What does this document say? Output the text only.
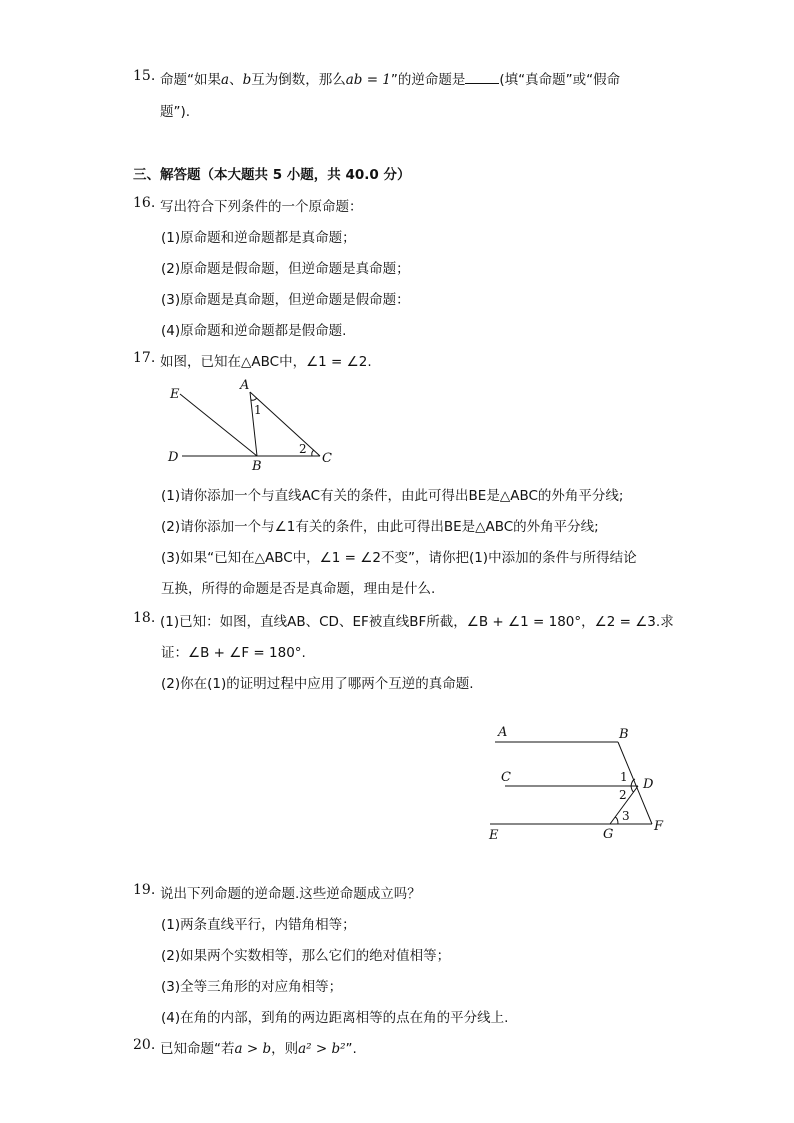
15. 命题“如果a、b互为倒数，那么ab = 1”的逆命题是	(填“真命题”或“假命
题”).
三、解答题（本大题共 5 小题，共 40.0 分）
16. 写出符合下列条件的一个原命题：
(1)原命题和逆命题都是真命题；
(2)原命题是假命题，但逆命题是真命题；
(3)原命题是真命题，但逆命题是假命题：
(4)原命题和逆命题都是假命题.
17. 如图，已知在△ABC中，∠1 = ∠2.
A
E
D
B
C
1
2
(1)请你添加一个与直线AC有关的条件，由此可得出BE是△ABC的外角平分线;
(2)请你添加一个与∠1有关的条件，由此可得出BE是△ABC的外角平分线;
(3)如果“已知在△ABC中，∠1 = ∠2不变”，请你把(1)中添加的条件与所得结论
互换，所得的命题是否是真命题，理由是什么.
18. (1)已知：如图，直线AB、CD、EF被直线BF所截，∠B + ∠1 = 180°，∠2 = ∠3.求
证：∠B + ∠F = 180°.
(2)你在(1)的证明过程中应用了哪两个互逆的真命题.
A	B
C	D
E	G
F
1
2
3
19. 说出下列命题的逆命题.这些逆命题成立吗？
(1)两条直线平行，内错角相等；
(2)如果两个实数相等，那么它们的绝对值相等；
(3)全等三角形的对应角相等；
(4)在角的内部，到角的两边距离相等的点在角的平分线上.
20. 已知命题“若a > b，则a² > b²”.
